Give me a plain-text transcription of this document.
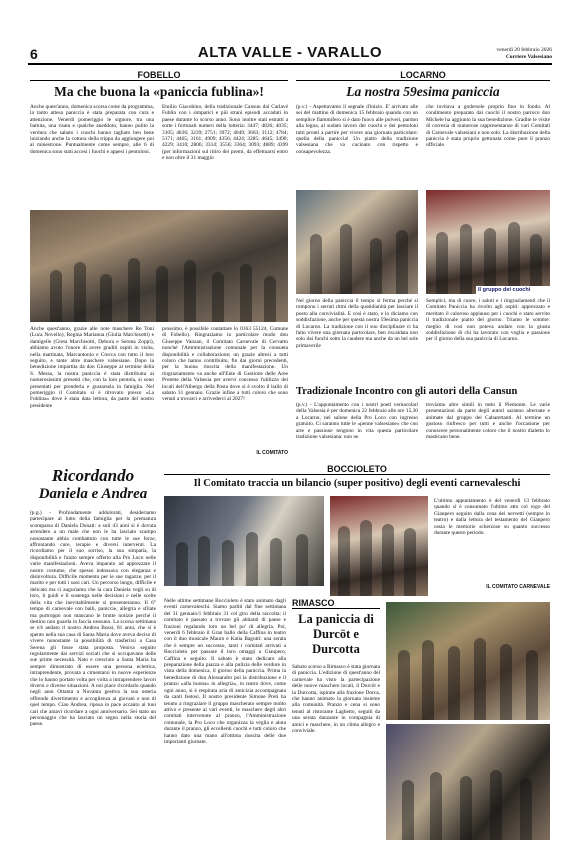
6	ALTA VALLE - VARALLO	venerdì 20 febbraio 2026
Corriere Valsesiano
FOBELLO
Ma che buona la «paniccia fublina»!
Anche quest'anno, domenica scorsa come da programma, la tanto attesa paniccia è stata preparata con cura e attenzione. Venerdì pomeriggio le signore, tra una battuta, una risata e qualche aneddoto, hanno pulito la verdura che sabato i cuochi hanno tagliato ben bene iniziando anche la cottura della trippa da aggiungere poi al minestrone. Puntualmente come sempre, alle 6 di domenica sono stati accesi i fuochi e appesi i pentoloni.
Emilio Giacobino, della tradizionale Cansun dal Carlavé Fublin con i simpatici e più strani episodi accaduti in paese durante lo scorso anno. Sono inoltre stati estratti a sorte i fortunati numeri della lotteria: 3447; 4826; 4035; 3105; 4836; 3239; 2751; 3972; 4049; 3663; 3112; 4784; 5171; 4465; 3161; 4909; 4356; 4424; 3285; 4645; 3490; 4229; 3410; 2806; 3314; 3556; 3364; 3093; 4889; 4399 (per informazioni sul ritiro dei premi, da effettuarsi entro e non oltre il 31 maggio
Anche quest'anno, grazie alle note maschere Re Toni (Luca Novello), Regina Marianna (Giulia Marchisotti) e damigelle (Greta Marchisotti, Debora e Serena Zoppi), abbiamo avuto l'onore di avere graditi ospiti in visita, nella mattinata, Marcantonio e Crecca con tutto il loro seguito, e tante altre maschere valsesiane. Dopo la benedizione impartita da don Giuseppe al termine della S. Messa, la nostra paniccia è stata distribuita ai numerosissimi presenti che, con la loro pentola, si sono presentati per prenderla e gustarsela in famiglia. Nel pomeriggio il Comitato si è ritrovato presso «La Fublina» dove è stata data lettura, da parte del nostro presidente
prossimo, è possibile contattare lo 0163 55124, Comune di Fobello). Ringraziamo in particolare modo don Giuseppe Vanzan, il Comitato Carnevale di Cervatto nonché l'Amministrazione comunale per la consueta disponibilità e collaborazione; un grazie altresì a tutti coloro che hanno contribuito, fin dai giorni precedenti, per la buona riuscita della manifestazione. Un ringraziamento va anche all'Ente di Gestione delle Aree Protette della Valsesia per avervi concesso l'utilizzo dei locali dell'Albergo della Posta dove si è svolto il ballo di sabato 31 gennaio. Grazie infine a tutti coloro che sono venuti a trovarci e arrivederci al 2027!
IL COMITATO
LOCARNO
La nostra 59esima paniccia
(p.v.) - Aspettavamo il segnale d'inizio. E' arrivato alle sei del mattino di domenica 15 febbraio quando con un semplice fiammifero si è dato fuoco alle polveri, pardon alla legna, al sudato lavoro dei cuochi e dei pentoloni tutti pronti a partire per vivere una giornata particolare: quella della paniccia! Un piatto della tradizione valsesiana che va cucinato con rispetto e consapevolezza.
che invitava a godersele proprio fino in fondo. Al condimento preparato dai cuochi il nostro parroco don Michele ha aggiunto la sua benedizione. Gradite le visite di corresia di numerose rappresentanze di vari Comitati di Carnevale valsesiani e non solo. La distribuzione della paniccia è stata proprio gettonata come pure il pranzo ufficiale.
Il gruppo dei cuochi
Nel giorno della paniccia il tempo si ferma perché si rompono i serrati ritmi della quotidianità per lasciare il posto alla convivialità. E così è stato, e lo diciamo con soddisfazione, anche per questa nostra 59esima paniccia di Locarno. La tradizione con il suo disciplinare ci ha fatto vivere una giornata particolare, ben riscaldata non solo dai fuochi sotto la caudere ma anche da un bel sole primaverile
Semplici, ma di cuore, i saluti e i ringraziamenti che il Comitato Paniccia ha rivolto agli ospiti: apprezzato e meritato il caloroso applauso per i cuochi e stato servito il tradizionale piatto del giorno. Triamo le somme: meglio di così non poteva andare con la giusta soddisfazione di chi ha lavorato con voglia e passione per il giorno della sua paniccia di Locarno.
Tradizionale Incontro con gli autori della Cansun
(p.v.) - L'appuntamento con i nostri poeti vernacolari della Valsesia è per domenica 22 febbraio alle ore 15,30 a Locarno, nel salone della Pro Loco con ingresso gratuito. Ci saranno tutte le «penne valsesiane» che con arte e passione tengono in vita questa particolare tradizione valsesiana: non ne
troviamo altre simili in tutto il Piemonte. Le varie presentazioni da parte degli autori saranno alternate e animate dal gruppo dei Cabarettanti. Al termine un gustoso rinfresco per tutti e anche l'occasione per conoscere personalmente coloro che il nostro dialetto lo masticano bene.
Ricordando
Daniela e Andrea
(p.g.) - Profondamente addolorati, desideriamo partecipare al lutto della famiglia per la prematura scomparsa di Daniela Donati: a soli 43 anni si è dovuta arrendere a un male che non le ha lasciato scampo nonostante abbia combattuto con tutte le sue forze, affrontando cure, terapie e diversi interventi. La ricordiamo per il suo sorriso, la sua simpatia, la disponibilità e l'aiuto sempre offerto alla Pro Loco nelle varie manifestazioni. Aveva imparato ad apprezzare il nostro costume, che spesso indossava con eleganza e disinvoltura. Difficile momento per le sue ragazze, per il marito e per tutti i suoi cari. Un percorso lungo, difficile e delicato ma ci auguriamo che la cara Daniela vegli su di loro, li guidi e li sostenga nelle decisioni e nelle scelte della vita che inevitabilmente si presenteranno. Il 6° tempo di carnevale con balli, paniccie, allegria e sfilate ma purtroppo non mancano le brutte notizie perché il destino non guarda in faccia nessuno. La scorsa settimana se n'è andato il nostro Andrea Bossi, 81 anni, che si è spento nella sua casa di Santa Maria dove aveva deciso di vivere nonostante la possibilità di trasferirsi a Casa Serena gli fosse stata proposta. Veniva seguito regolarmente dai servizi sociali che si occupavano delle sue prime necessità. Nato e cresciuto a Santa Maria ha sempre dimostrato di essere una persona eclettica, intraprendente, provata a cimentarsi in nuove esperienze che lo hanno portato volta per volta a intraprendere lavori diversi e diverse situazioni. A noi piace ricordarlo quando negli anni Ottanta a Novanta gestiva la sua osteria offrendo divertimento e accoglienza ai giovani e non di quel tempo. Ciao Andrea, riposa in pace accanto ai tuoi cari che amavi ricordare a ogni anniversario. Sei stato un personaggio che ha lasciato un segno nella storia del paese.
BOCCIOLETO
Il Comitato traccia un bilancio (super positivo) degli eventi carnevaleschi
L'ultimo appuntamento è del venerdì 13 febbraio quando si è consumato l'ultimo atto col rogo del Gianpero seguito dalla cena dei nervetti (sempre in teatro) e dalla lettura del testamento del Gianpero ossia le memorie scherzose su quanto successo durante questo periodo.
IL COMITATO CARNEVALE
Nelle ultime settimane Boccioleto è stato animato dagli eventi carnevaleschi. Siamo partiti dal fine settimana del 31 gennaio/1 febbraio 31 col giro della raccolta: il comitato è passato a trovare gli abitanti di paese e frazioni regalando loro un bel po' di allegria. Poi, venerdì 6 febbraio il Gran ballo della Caffina in teatro con il duo musicale Mauro e Katia Baguttì: una serata che è sempre un successo, tanti i comitati arrivati a Boccioleto per passare il loro omaggi a Gianpero, Caffina e seguito. Il sabato è stato dedicato alla preparazione della piazza e alla pulizia delle verdure in vista della domenica, il giorno della paniccia. Prima la benedizione di don Alessandro poi la distribuzione e il pranzo «alla buona» in allegria», in teatro dove, come ogni anno, si è respirata aria di amicizia accompagnata da canti festosi. Il nostro presidente Simone Preti ha tenuto a ringraziare il gruppo mascherato sempre molto attivo e presente ai vari eventi, le maschere degli altri comitati intervenute al pranzo, l'Amministrazione comunale, la Pro Loco che organizza la veglia e aiuta durante il pranzo, gli eccellenti cuochi e tutti coloro che hanno dato una mano all'ottima riuscita delle due importanti giornate.
RIMASCO
La paniccia di Durcöt e Durcotta
Sabato scorso a Rimasco è stata giornata di paniccia. L'edizione di quest'anno del carnevale ha visto la partecipazione delle nuove maschere locali, il Durcöt e la Durcotta, ispirate alla frazione Dorca, che hanno animato la giornata insieme alla comunità. Pranzo e cena si sono tenuti al ristorante Laghetto, seguiti da una serata danzante in compagnia di amici e maschere, in un clima allegro e conviviale.
